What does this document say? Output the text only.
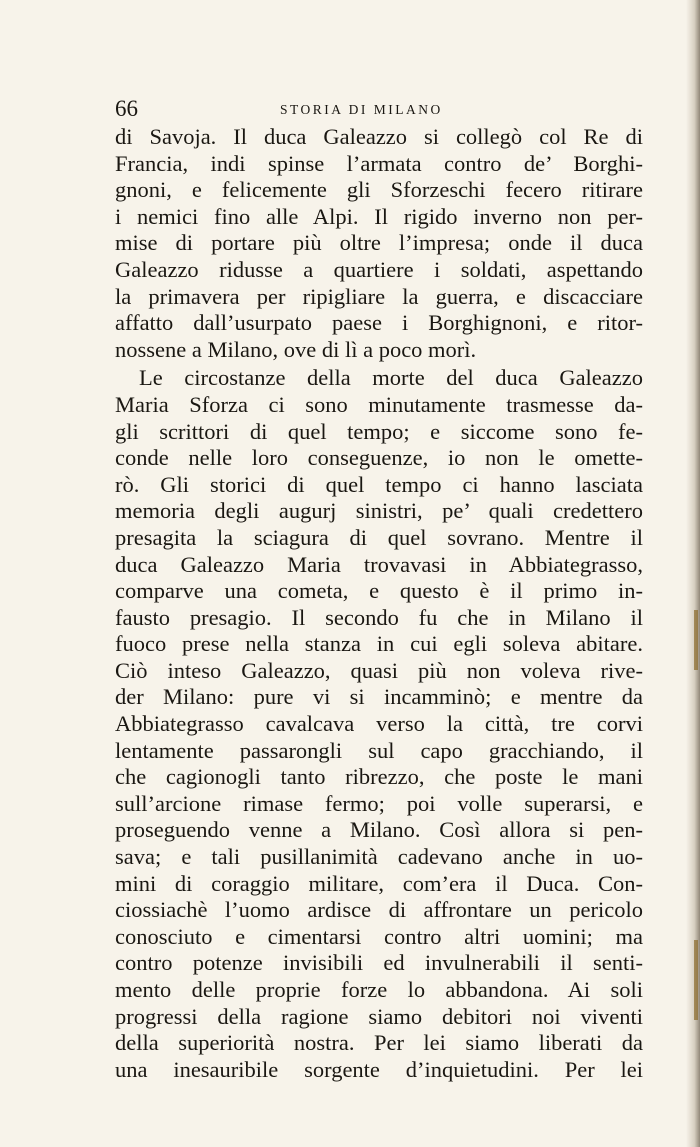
66	STORIA DI MILANO
di Savoja. Il duca Galeazzo si collegò col Re di
Francia, indi spinse l’armata contro de’ Borghi-
gnoni, e felicemente gli Sforzeschi fecero ritirare
i nemici fino alle Alpi. Il rigido inverno non per-
mise di portare più oltre l’impresa; onde il duca
Galeazzo ridusse a quartiere i soldati, aspettando
la primavera per ripigliare la guerra, e discacciare
affatto dall’usurpato paese i Borghignoni, e ritor-
nossene a Milano, ove di lì a poco morì.
Le circostanze della morte del duca Galeazzo
Maria Sforza ci sono minutamente trasmesse da-
gli scrittori di quel tempo; e siccome sono fe-
conde nelle loro conseguenze, io non le omette-
rò. Gli storici di quel tempo ci hanno lasciata
memoria degli augurj sinistri, pe’ quali credettero
presagita la sciagura di quel sovrano. Mentre il
duca Galeazzo Maria trovavasi in Abbiategrasso,
comparve una cometa, e questo è il primo in-
fausto presagio. Il secondo fu che in Milano il
fuoco prese nella stanza in cui egli soleva abitare.
Ciò inteso Galeazzo, quasi più non voleva rive-
der Milano: pure vi si incamminò; e mentre da
Abbiategrasso cavalcava verso la città, tre corvi
lentamente passarongli sul capo gracchiando, il
che cagionogli tanto ribrezzo, che poste le mani
sull’arcione rimase fermo; poi volle superarsi, e
proseguendo venne a Milano. Così allora si pen-
sava; e tali pusillanimità cadevano anche in uo-
mini di coraggio militare, com’era il Duca. Con-
ciossiachè l’uomo ardisce di affrontare un pericolo
conosciuto e cimentarsi contro altri uomini; ma
contro potenze invisibili ed invulnerabili il senti-
mento delle proprie forze lo abbandona. Ai soli
progressi della ragione siamo debitori noi viventi
della superiorità nostra. Per lei siamo liberati da
una inesauribile sorgente d’inquietudini. Per lei
